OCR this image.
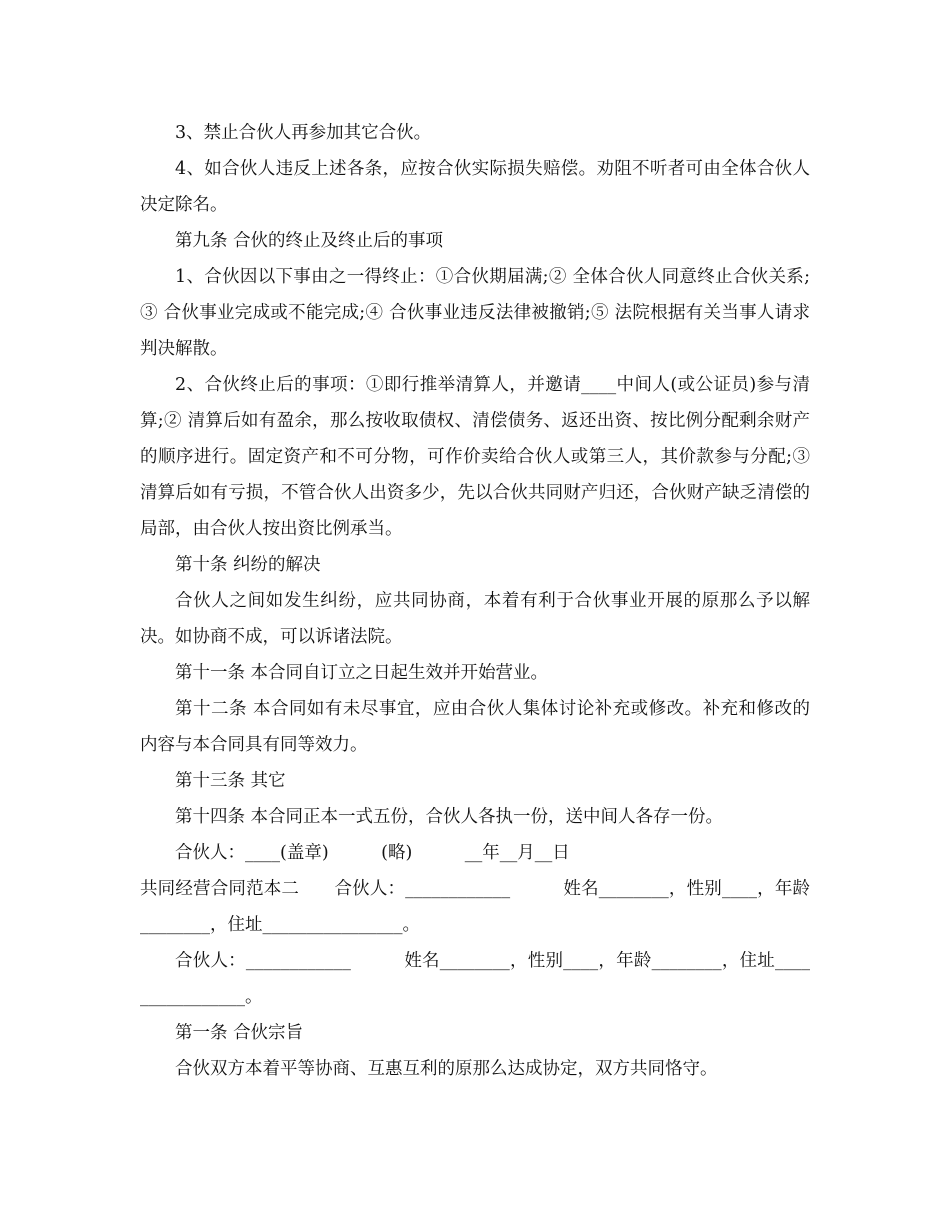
3、禁止合伙人再参加其它合伙。

4、如合伙人违反上述各条，应按合伙实际损失赔偿。劝阻不听者可由全体合伙人决定除名。

第九条 合伙的终止及终止后的事项

1、合伙因以下事由之一得终止：①合伙期届满;② 全体合伙人同意终止合伙关系;③ 合伙事业完成或不能完成;④ 合伙事业违反法律被撤销;⑤ 法院根据有关当事人请求判决解散。

2、合伙终止后的事项：①即行推举清算人，并邀请____中间人(或公证员)参与清算;② 清算后如有盈余，那么按收取债权、清偿债务、返还出资、按比例分配剩余财产的顺序进行。固定资产和不可分物，可作价卖给合伙人或第三人，其价款参与分配;③ 清算后如有亏损，不管合伙人出资多少，先以合伙共同财产归还，合伙财产缺乏清偿的局部，由合伙人按出资比例承当。

第十条 纠纷的解决

合伙人之间如发生纠纷，应共同协商，本着有利于合伙事业开展的原那么予以解决。如协商不成，可以诉诸法院。

第十一条 本合同自订立之日起生效并开始营业。

第十二条 本合同如有未尽事宜，应由合伙人集体讨论补充或修改。补充和修改的内容与本合同具有同等效力。

第十三条 其它

第十四条 本合同正本一式五份，合伙人各执一份，送中间人各存一份。

合伙人：____(盖章)　　　(略)　　　__年__月__日

共同经营合同范本二　　合伙人：____________　　　姓名________，性别____，年龄________，住址________________。

合伙人：____________　　　姓名________，性别____，年龄________，住址________________。

第一条 合伙宗旨

合伙双方本着平等协商、互惠互利的原那么达成协定，双方共同恪守。
